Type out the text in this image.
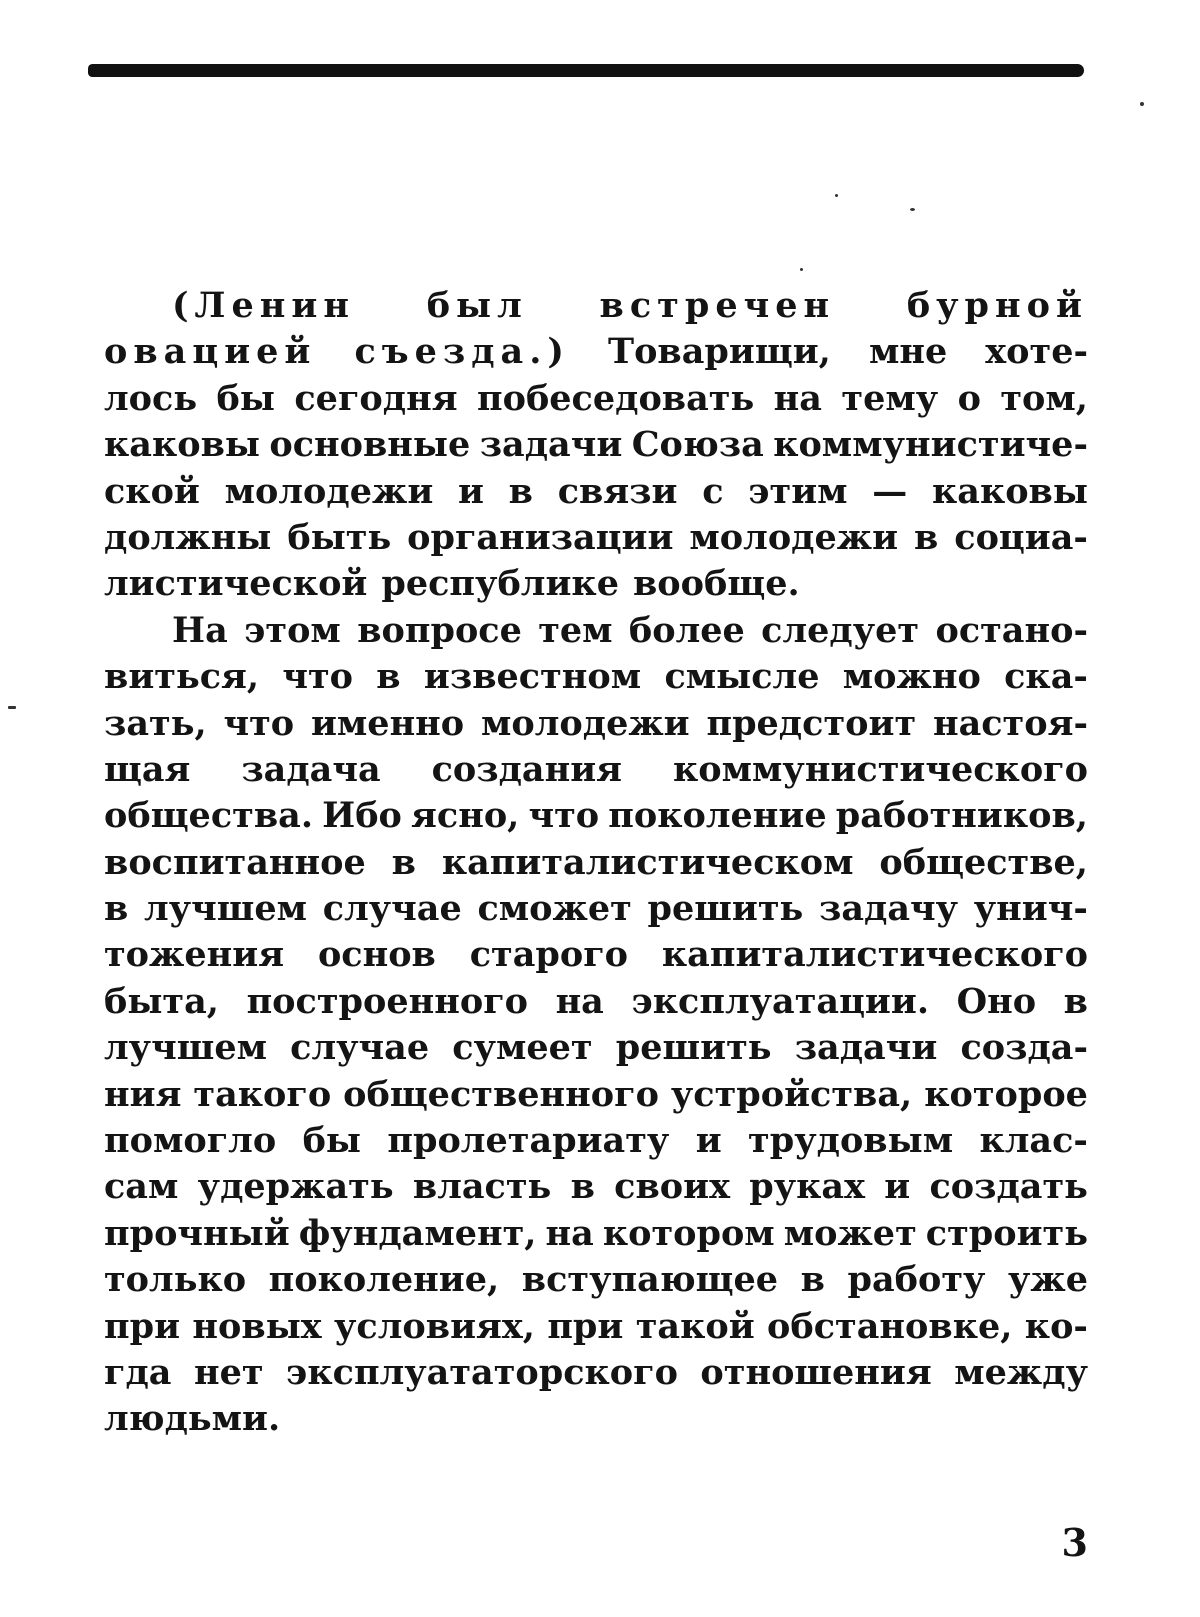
(Ленин был встречен бурной
овацией съезда.) Товарищи, мне хоте-
лось бы сегодня побеседовать на тему о том,
каковы основные задачи Союза коммунистиче-
ской молодежи и в связи с этим — каковы
должны быть организации молодежи в социа-
листической республике вообще.
На этом вопросе тем более следует остано-
виться, что в известном смысле можно ска-
зать, что именно молодежи предстоит настоя-
щая задача создания коммунистического
общества. Ибо ясно, что поколение работников,
воспитанное в капиталистическом обществе,
в лучшем случае сможет решить задачу унич-
тожения основ старого капиталистического
быта, построенного на эксплуатации. Оно в
лучшем случае сумеет решить задачи созда-
ния такого общественного устройства, которое
помогло бы пролетариату и трудовым клас-
сам удержать власть в своих руках и создать
прочный фундамент, на котором может строить
только поколение, вступающее в работу уже
при новых условиях, при такой обстановке, ко-
гда нет эксплуататорского отношения между
людьми.
3
